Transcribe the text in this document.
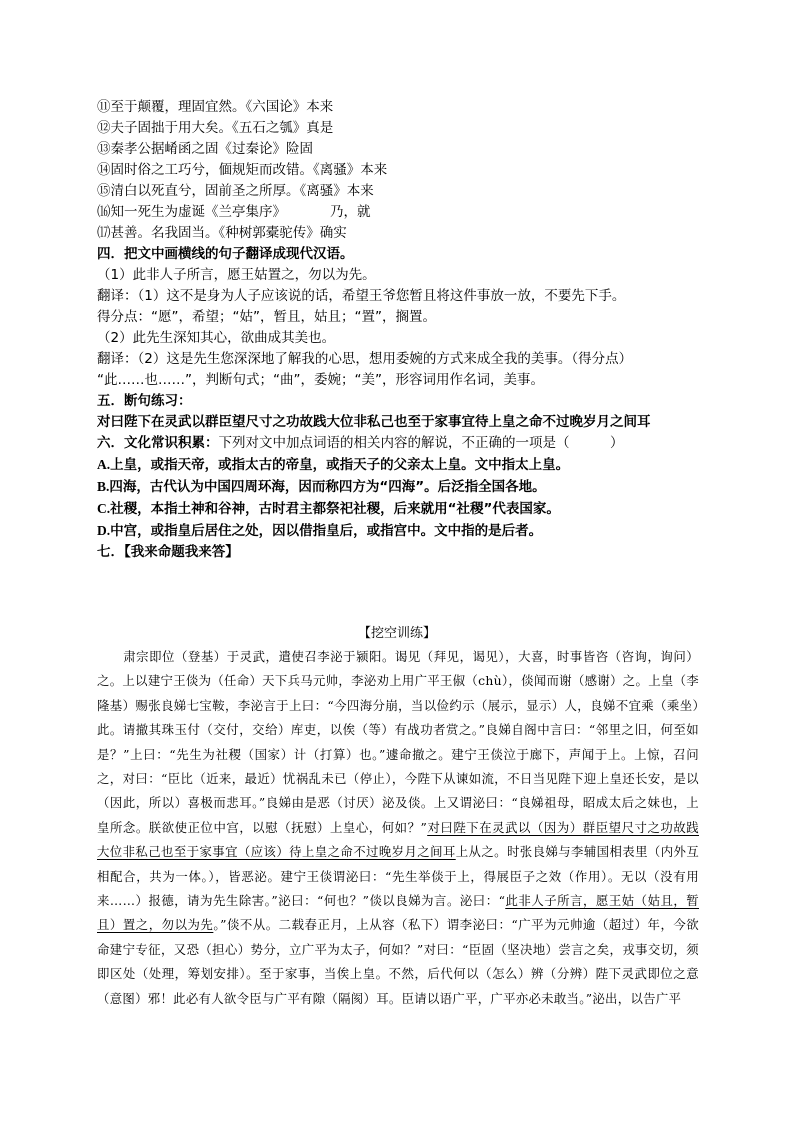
⑪至于颠覆，理固宜然。《六国论》本来
⑫夫子固拙于用大矣。《五石之瓠》真是
⑬秦孝公据崤函之固《过秦论》险固
⑭固时俗之工巧兮，偭规矩而改错。《离骚》本来
⑮清白以死直兮，固前圣之所厚。《离骚》本来
⒃知一死生为虚诞《兰亭集序》	乃，就
⒄甚善。名我固当。《种树郭橐驼传》确实
四．把文中画横线的句子翻译成现代汉语。
（1）此非人子所言，愿王姑置之，勿以为先。
翻译：（1）这不是身为人子应该说的话，希望王爷您暂且将这件事放一放，不要先下手。
得分点：“愿”，希望；“姑”，暂且，姑且；“置”，搁置。
（2）此先生深知其心，欲曲成其美也。
翻译：（2）这是先生您深深地了解我的心思，想用委婉的方式来成全我的美事。（得分点）
“此……也……”，判断句式；“曲”，委婉；“美”，形容词用作名词，美事。
五．断句练习：
对曰陛下在灵武以群臣望尺寸之功故践大位非私己也至于家事宜待上皇之命不过晚岁月之间耳
六．文化常识积累：下列对文中加点词语的相关内容的解说，不正确的一项是（　　　）
A.上皇，或指天帝，或指太古的帝皇，或指天子的父亲太上皇。文中指太上皇。
B.四海，古代认为中国四周环海，因而称四方为“四海”。后泛指全国各地。
C.社稷，本指土神和谷神，古时君主都祭祀社稷，后来就用“社稷”代表国家。
D.中宫，或指皇后居住之处，因以借指皇后，或指宫中。文中指的是后者。
七．【我来命题我来答】
【挖空训练】
肃宗即位（登基）于灵武，遣使召李泌于颍阳。谒见（拜见，谒见），大喜，时事皆咨（咨询，询问）之。上以建宁王倓为（任命）天下兵马元帅，李泌劝上用广平王俶（chù），倓闻而谢（感谢）之。上皇（李隆基）赐张良娣七宝鞍，李泌言于上曰：“今四海分崩，当以俭约示（展示，显示）人，良娣不宜乘（乘坐）此。请撤其珠玉付（交付，交给）库吏，以俟（等）有战功者赏之。”良娣自阁中言曰：“邻里之旧，何至如是？”上曰：“先生为社稷（国家）计（打算）也。”遽命撤之。建宁王倓泣于廊下，声闻于上。上惊，召问之，对曰：“臣比（近来，最近）忧祸乱未已（停止），今陛下从谏如流，不日当见陛下迎上皇还长安，是以（因此，所以）喜极而悲耳。”良娣由是恶（讨厌）泌及倓。上又谓泌曰：“良娣祖母，昭成太后之妹也，上皇所念。朕欲使正位中宫，以慰（抚慰）上皇心，何如？”对曰陛下在灵武以（因为）群臣望尺寸之功故践大位非私己也至于家事宜（应该）待上皇之命不过晚岁月之间耳上从之。时张良娣与李辅国相表里（内外互相配合，共为一体。），皆恶泌。建宁王倓谓泌曰：“先生举倓于上，得展臣子之效（作用）。无以（没有用来……）报德，请为先生除害。”泌曰：“何也？”倓以良娣为言。泌曰：“此非人子所言，愿王姑（姑且，暂且）置之，勿以为先。”倓不从。二载春正月，上从容（私下）谓李泌曰：“广平为元帅逾（超过）年，今欲命建宁专征，又恐（担心）势分，立广平为太子，何如？”对曰：“臣固（坚决地）尝言之矣，戎事交切，须即区处（处理，筹划安排）。至于家事，当俟上皇。不然，后代何以（怎么）辨（分辨）陛下灵武即位之意（意图）邪！此必有人欲令臣与广平有隙（隔阂）耳。臣请以语广平，广平亦必未敢当。”泌出，以告广平
